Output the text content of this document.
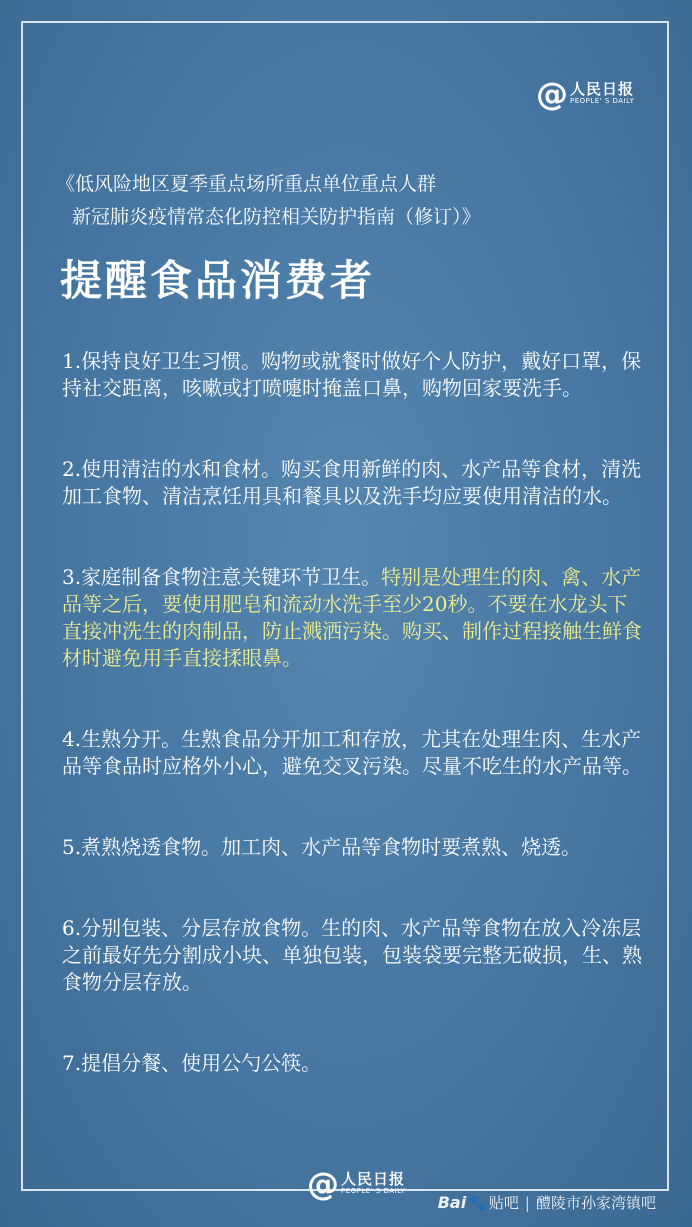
@ 人民日报
PEOPLE' S DAILY
《低风险地区夏季重点场所重点单位重点人群
新冠肺炎疫情常态化防控相关防护指南（修订）》
提醒食品消费者

1.保持良好卫生习惯。购物或就餐时做好个人防护，戴好口罩，保持社交距离，咳嗽或打喷嚏时掩盖口鼻，购物回家要洗手。

2.使用清洁的水和食材。购买食用新鲜的肉、水产品等食材，清洗加工食物、清洁烹饪用具和餐具以及洗手均应要使用清洁的水。

3.家庭制备食物注意关键环节卫生。特别是处理生的肉、禽、水产品等之后，要使用肥皂和流动水洗手至少20秒。不要在水龙头下直接冲洗生的肉制品，防止溅洒污染。购买、制作过程接触生鲜食材时避免用手直接揉眼鼻。

4.生熟分开。生熟食品分开加工和存放，尤其在处理生肉、生水产品等食品时应格外小心，避免交叉污染。尽量不吃生的水产品等。

5.煮熟烧透食物。加工肉、水产品等食物时要煮熟、烧透。

6.分别包装、分层存放食物。生的肉、水产品等食物在放入冷冻层之前最好先分割成小块、单独包装，包装袋要完整无破损，生、熟食物分层存放。

7.提倡分餐、使用公勺公筷。

@ 人民日报
PEOPLE' S DAILY
Bai 🐾 贴吧 | 醴陵市孙家湾镇吧
